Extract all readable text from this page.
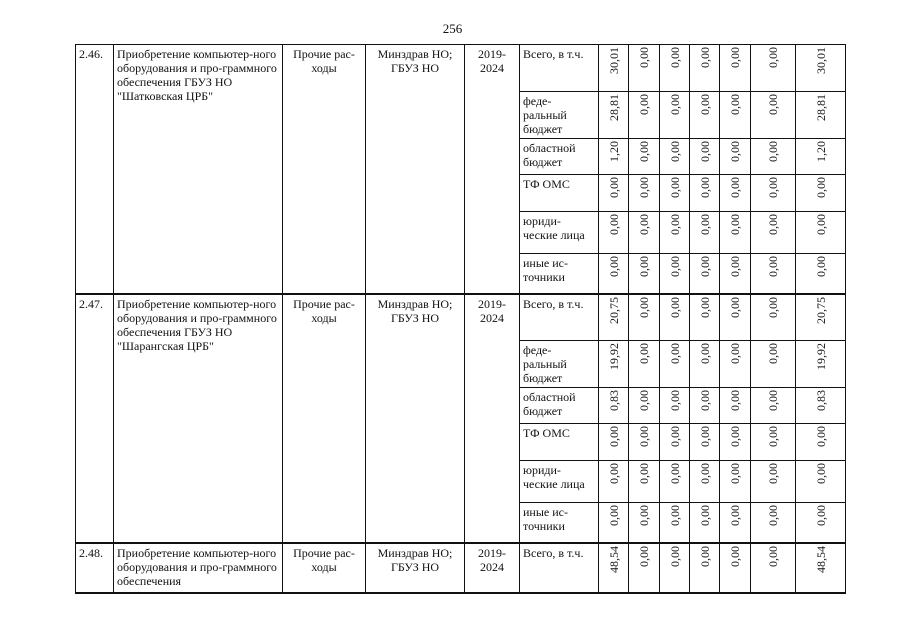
256
2.46.	Приобретение компьютер-ного оборудования и про-граммного обеспечения ГБУЗ НО "Шатковская ЦРБ"	Прочие рас-ходы	Минздрав НО; ГБУЗ НО	2019-2024	Всего, в т.ч.	30,01	0,00	0,00	0,00	0,00	0,00	30,01

					феде-ральный бюджет	28,81	0,00	0,00	0,00	0,00	0,00	28,81

					областной бюджет	1,20	0,00	0,00	0,00	0,00	0,00	1,20

					ТФ ОМС	0,00	0,00	0,00	0,00	0,00	0,00	0,00

					юриди-ческие лица	0,00	0,00	0,00	0,00	0,00	0,00	0,00

					иные ис-точники	0,00	0,00	0,00	0,00	0,00	0,00	0,00

2.47.	Приобретение компьютер-ного оборудования и про-граммного обеспечения ГБУЗ НО "Шарангская ЦРБ"	Прочие рас-ходы	Минздрав НО; ГБУЗ НО	2019-2024	Всего, в т.ч.	20,75	0,00	0,00	0,00	0,00	0,00	20,75

					феде-ральный бюджет	19,92	0,00	0,00	0,00	0,00	0,00	19,92

					областной бюджет	0,83	0,00	0,00	0,00	0,00	0,00	0,83

					ТФ ОМС	0,00	0,00	0,00	0,00	0,00	0,00	0,00

					юриди-ческие лица	0,00	0,00	0,00	0,00	0,00	0,00	0,00

					иные ис-точники	0,00	0,00	0,00	0,00	0,00	0,00	0,00

2.48.	Приобретение компьютер-ного оборудования и про-граммного обеспечения	Прочие рас-ходы	Минздрав НО; ГБУЗ НО	2019-2024	Всего, в т.ч.	48,54	0,00	0,00	0,00	0,00	0,00	48,54
